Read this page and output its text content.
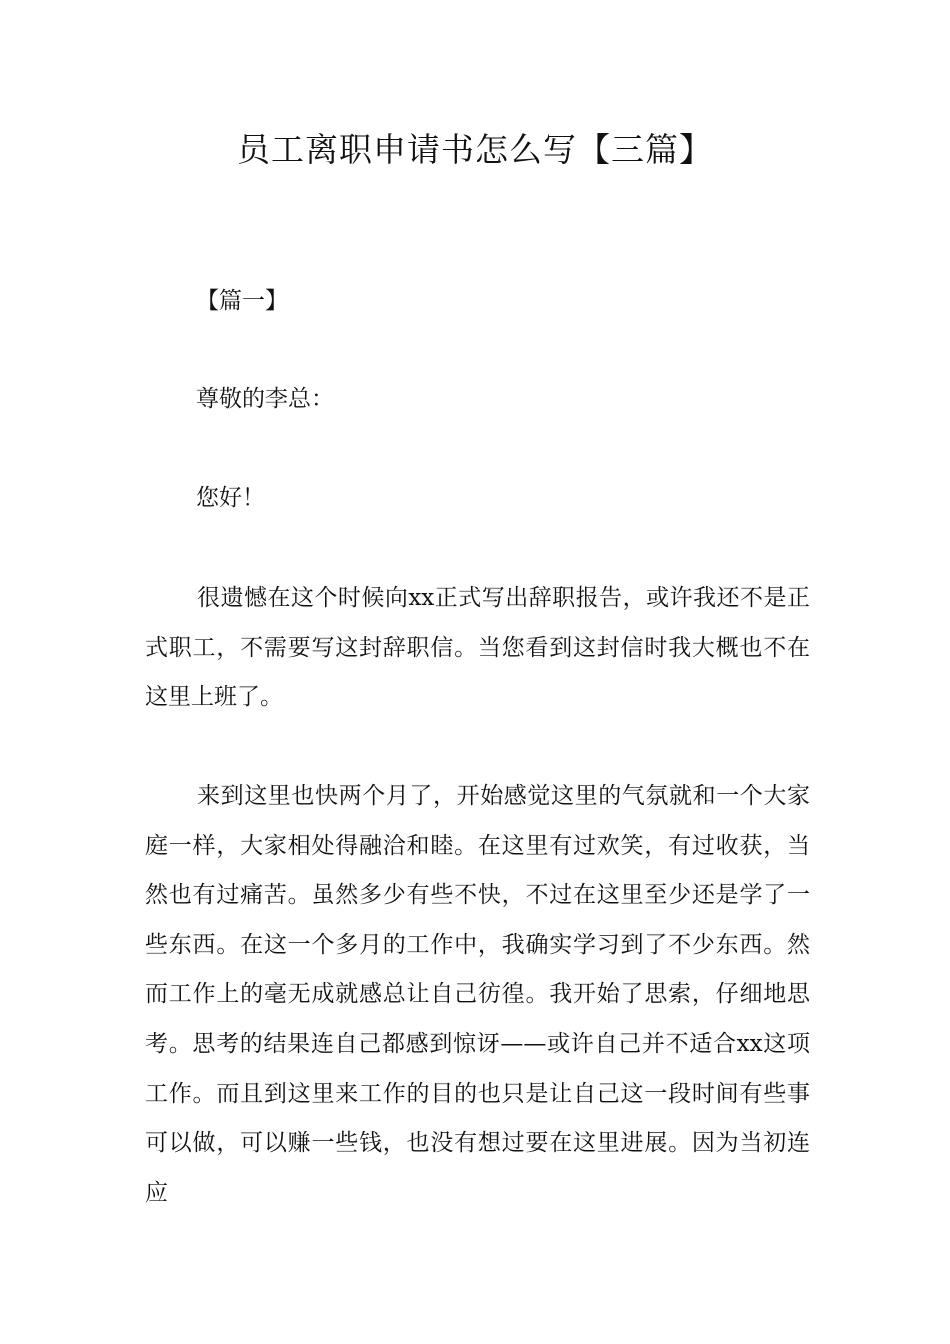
员工离职申请书怎么写【三篇】

【篇一】

尊敬的李总：

您好！

很遗憾在这个时候向xx正式写出辞职报告，或许我还不是正式职工，不需要写这封辞职信。当您看到这封信时我大概也不在这里上班了。

来到这里也快两个月了，开始感觉这里的气氛就和一个大家庭一样，大家相处得融洽和睦。在这里有过欢笑，有过收获，当然也有过痛苦。虽然多少有些不快，不过在这里至少还是学了一些东西。在这一个多月的工作中，我确实学习到了不少东西。然而工作上的毫无成就感总让自己彷徨。我开始了思索，仔细地思考。思考的结果连自己都感到惊讶——或许自己并不适合xx这项工作。而且到这里来工作的目的也只是让自己这一段时间有些事可以做，可以赚一些钱，也没有想过要在这里进展。因为当初连应
